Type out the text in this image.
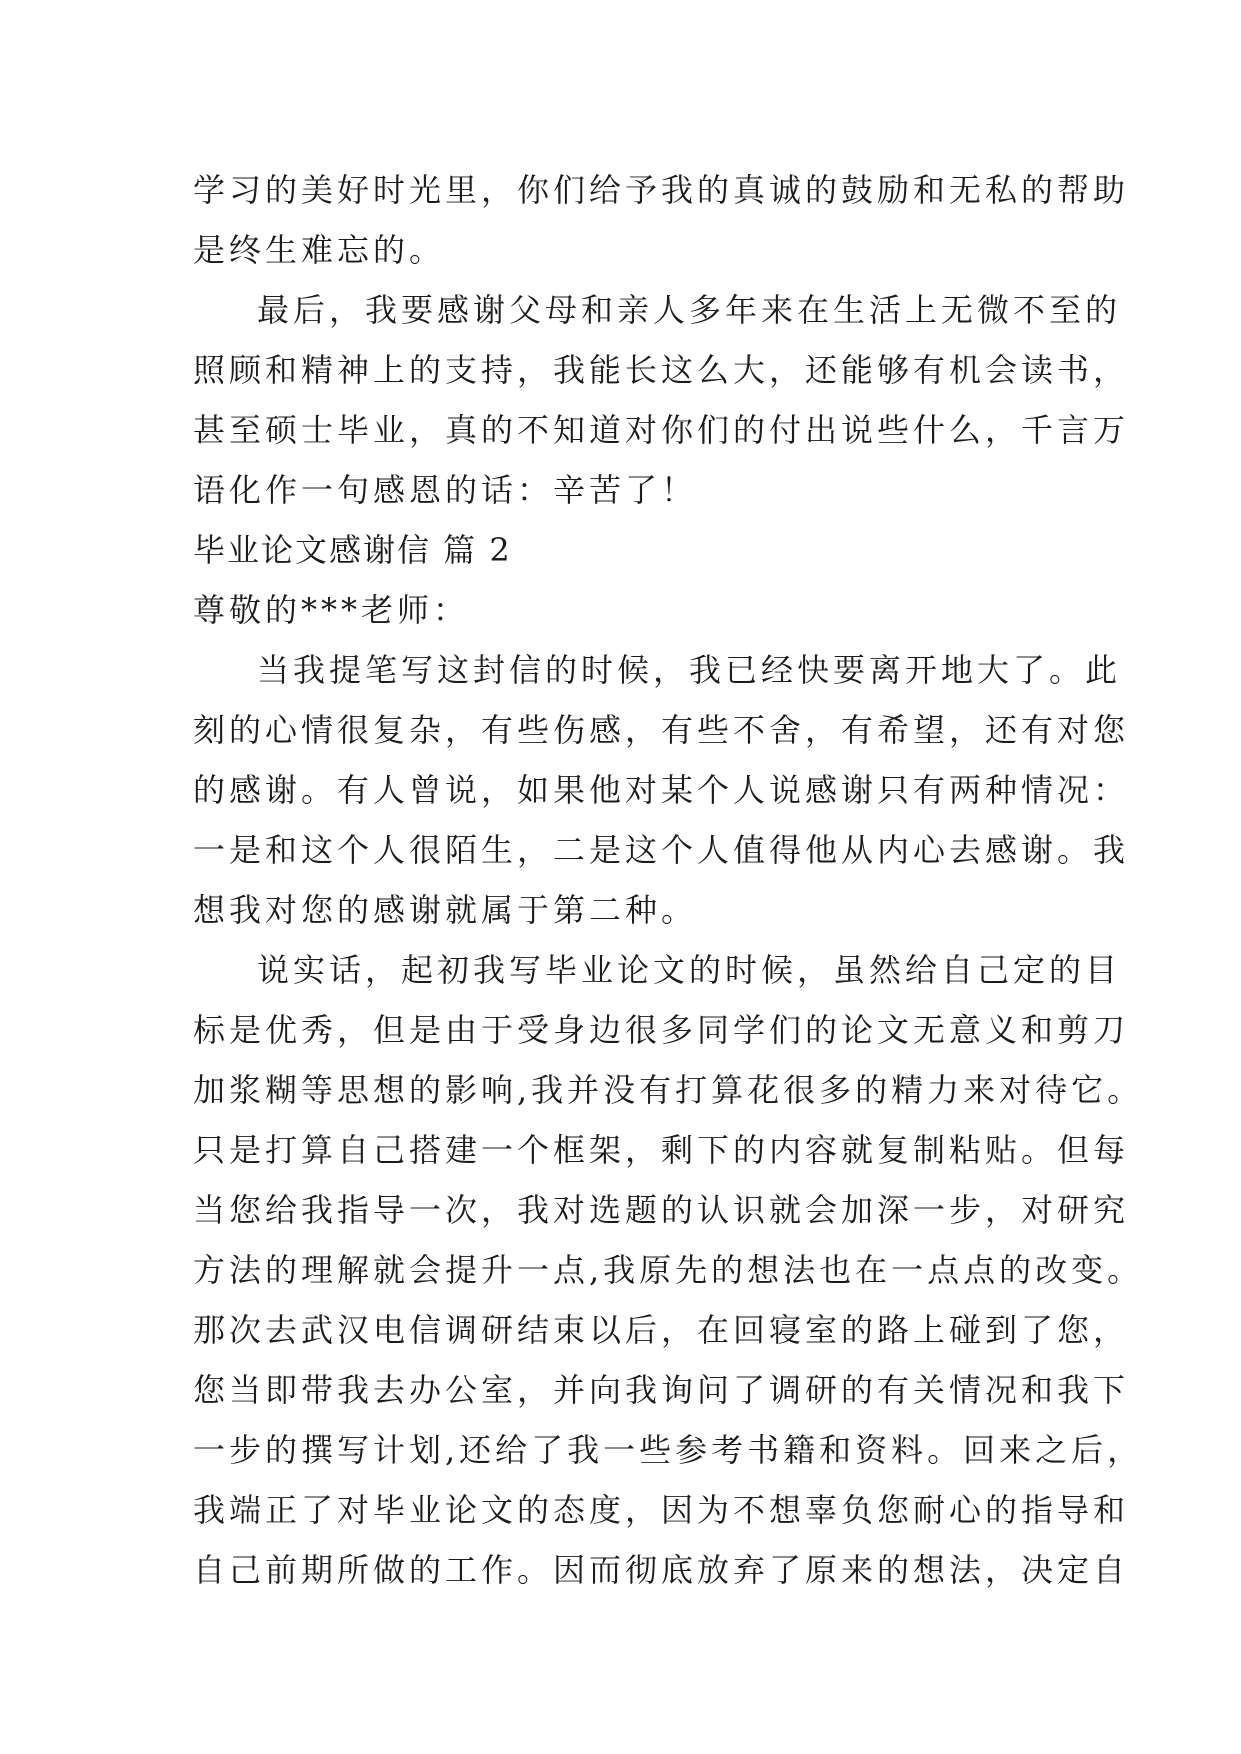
学习的美好时光里，你们给予我的真诚的鼓励和无私的帮助
是终生难忘的。
最后，我要感谢父母和亲人多年来在生活上无微不至的
照顾和精神上的支持，我能长这么大，还能够有机会读书，
甚至硕士毕业，真的不知道对你们的付出说些什么，千言万
语化作一句感恩的话：辛苦了！
毕业论文感谢信 篇 2
尊敬的***老师：
当我提笔写这封信的时候，我已经快要离开地大了。此
刻的心情很复杂，有些伤感，有些不舍，有希望，还有对您
的感谢。有人曾说，如果他对某个人说感谢只有两种情况：
一是和这个人很陌生，二是这个人值得他从内心去感谢。我
想我对您的感谢就属于第二种。
说实话，起初我写毕业论文的时候，虽然给自己定的目
标是优秀，但是由于受身边很多同学们的论文无意义和剪刀
加浆糊等思想的影响,我并没有打算花很多的精力来对待它。
只是打算自己搭建一个框架，剩下的内容就复制粘贴。但每
当您给我指导一次，我对选题的认识就会加深一步，对研究
方法的理解就会提升一点,我原先的想法也在一点点的改变。
那次去武汉电信调研结束以后，在回寝室的路上碰到了您，
您当即带我去办公室，并向我询问了调研的有关情况和我下
一步的撰写计划,还给了我一些参考书籍和资料。回来之后，
我端正了对毕业论文的态度，因为不想辜负您耐心的指导和
自己前期所做的工作。因而彻底放弃了原来的想法，决定自
